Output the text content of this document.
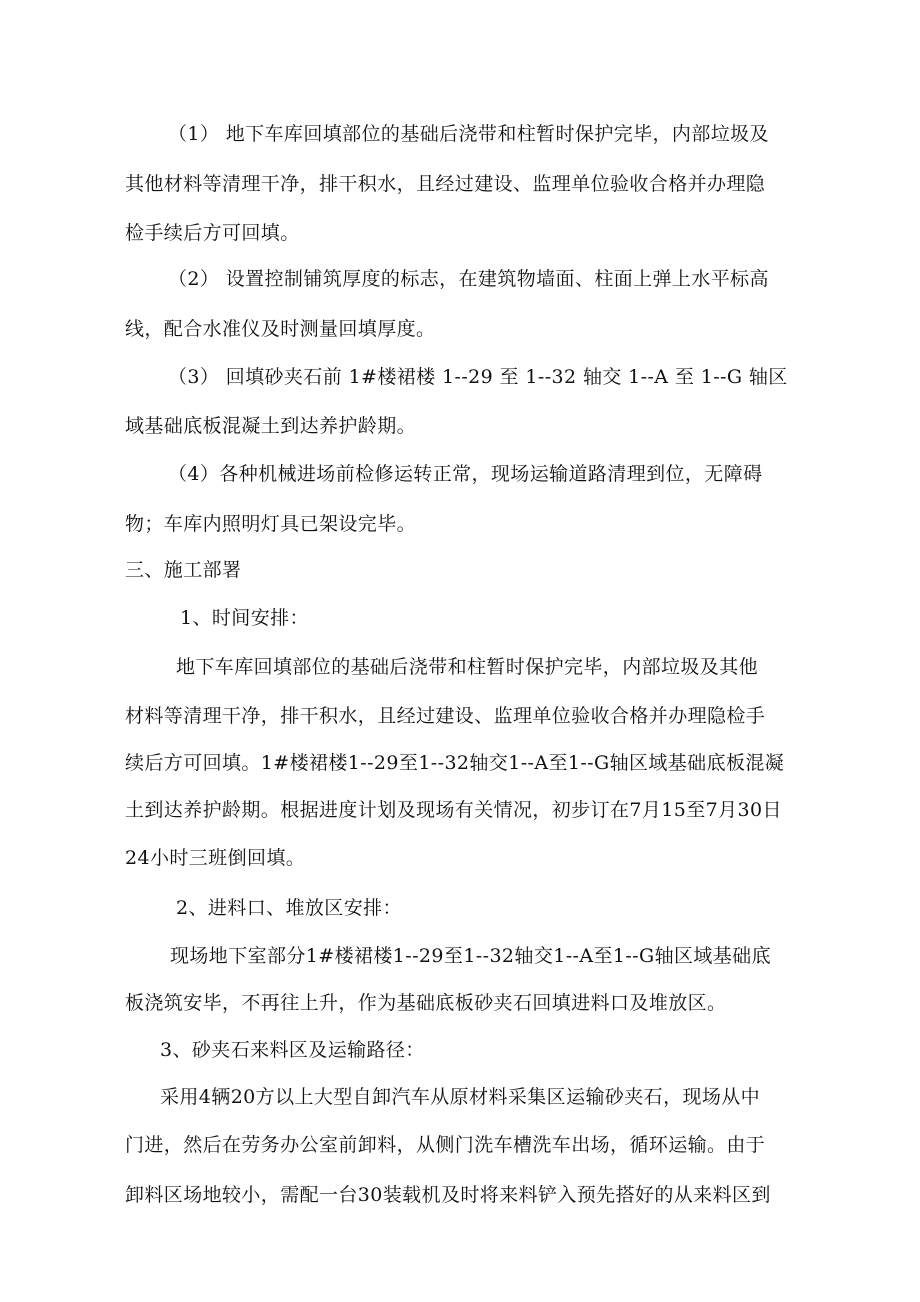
（1） 地下车库回填部位的基础后浇带和柱暂时保护完毕，内部垃圾及
其他材料等清理干净，排干积水，且经过建设、监理单位验收合格并办理隐
检手续后方可回填。
（2） 设置控制铺筑厚度的标志，在建筑物墙面、柱面上弹上水平标高
线，配合水准仪及时测量回填厚度。
（3） 回填砂夹石前 1#楼裙楼 1--29 至 1--32 轴交 1--A 至 1--G 轴区
域基础底板混凝土到达养护龄期。
（4）各种机械进场前检修运转正常，现场运输道路清理到位，无障碍
物；车库内照明灯具已架设完毕。
三、施工部署
1、时间安排：
地下车库回填部位的基础后浇带和柱暂时保护完毕，内部垃圾及其他
材料等清理干净，排干积水，且经过建设、监理单位验收合格并办理隐检手
续后方可回填。1#楼裙楼1--29至1--32轴交1--A至1--G轴区域基础底板混凝
土到达养护龄期。根据进度计划及现场有关情况，初步订在7月15至7月30日
24小时三班倒回填。
2、进料口、堆放区安排：
现场地下室部分1#楼裙楼1--29至1--32轴交1--A至1--G轴区域基础底
板浇筑安毕，不再往上升，作为基础底板砂夹石回填进料口及堆放区。
3、砂夹石来料区及运输路径：
采用4辆20方以上大型自卸汽车从原材料采集区运输砂夹石，现场从中
门进，然后在劳务办公室前卸料，从侧门洗车槽洗车出场，循环运输。由于
卸料区场地较小，需配一台30装载机及时将来料铲入预先搭好的从来料区到
